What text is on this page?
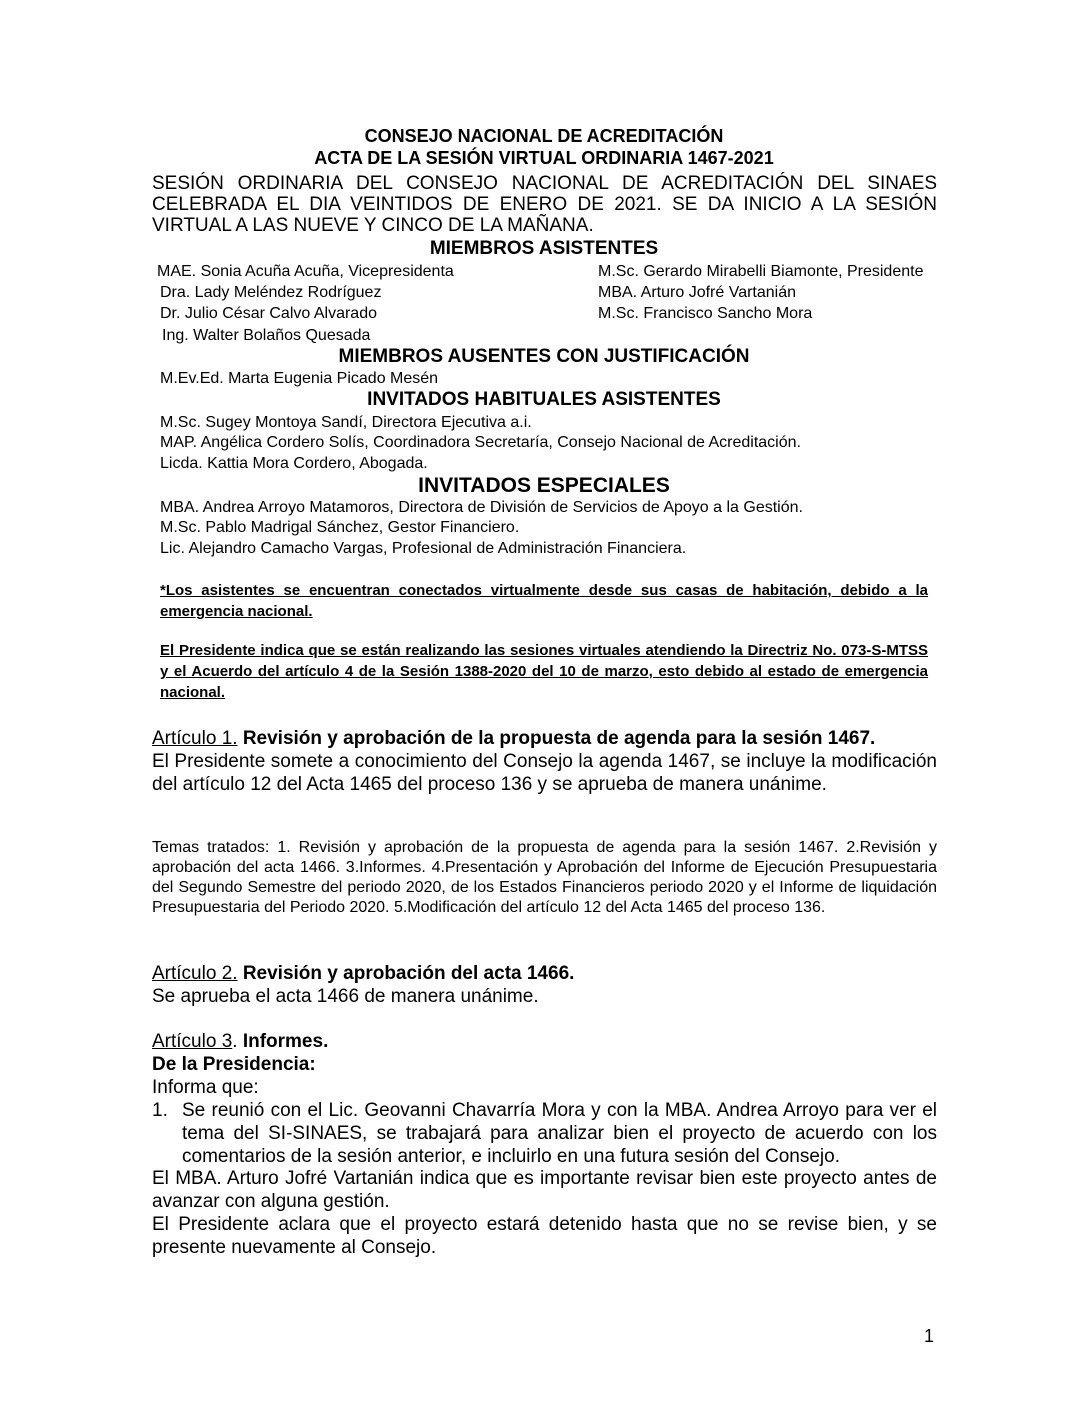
CONSEJO NACIONAL DE ACREDITACIÓN
ACTA DE LA SESIÓN VIRTUAL ORDINARIA 1467-2021
SESIÓN ORDINARIA DEL CONSEJO NACIONAL DE ACREDITACIÓN DEL SINAES CELEBRADA EL DIA VEINTIDOS DE ENERO DE 2021. SE DA INICIO A LA SESIÓN VIRTUAL A LAS NUEVE Y CINCO DE LA MAÑANA.
MIEMBROS ASISTENTES
MAE. Sonia Acuña Acuña, Vicepresidenta
Dra. Lady Meléndez Rodríguez
Dr. Julio César Calvo Alvarado
Ing. Walter Bolaños Quesada
M.Sc. Gerardo Mirabelli Biamonte, Presidente
MBA. Arturo Jofré Vartanián
M.Sc. Francisco Sancho Mora
MIEMBROS AUSENTES CON JUSTIFICACIÓN
M.Ev.Ed. Marta Eugenia Picado Mesén
INVITADOS HABITUALES ASISTENTES
M.Sc. Sugey Montoya Sandí, Directora Ejecutiva a.i.
MAP. Angélica Cordero Solís, Coordinadora Secretaría, Consejo Nacional de Acreditación.
Licda. Kattia Mora Cordero, Abogada.
INVITADOS ESPECIALES
MBA. Andrea Arroyo Matamoros, Directora de División de Servicios de Apoyo a la Gestión.
M.Sc. Pablo Madrigal Sánchez, Gestor Financiero.
Lic. Alejandro Camacho Vargas, Profesional de Administración Financiera.
*Los asistentes se encuentran conectados virtualmente desde sus casas de habitación, debido a la emergencia nacional.
El Presidente indica que se están realizando las sesiones virtuales atendiendo la Directriz No. 073-S-MTSS y el Acuerdo del artículo 4 de la Sesión 1388-2020 del 10 de marzo, esto debido al estado de emergencia nacional.
Artículo 1. Revisión y aprobación de la propuesta de agenda para la sesión 1467.
El Presidente somete a conocimiento del Consejo la agenda 1467, se incluye la modificación del artículo 12 del Acta 1465 del proceso 136 y se aprueba de manera unánime.
Temas tratados: 1. Revisión y aprobación de la propuesta de agenda para la sesión 1467. 2.Revisión y aprobación del acta 1466. 3.Informes. 4.Presentación y Aprobación del Informe de Ejecución Presupuestaria del Segundo Semestre del periodo 2020, de los Estados Financieros periodo 2020 y el Informe de liquidación Presupuestaria del Periodo 2020. 5.Modificación del artículo 12 del Acta 1465 del proceso 136.
Artículo 2. Revisión y aprobación del acta 1466.
Se aprueba el acta 1466 de manera unánime.
Artículo 3. Informes.
De la Presidencia:
Informa que:
1. Se reunió con el Lic. Geovanni Chavarría Mora y con la MBA. Andrea Arroyo para ver el tema del SI-SINAES, se trabajará para analizar bien el proyecto de acuerdo con los comentarios de la sesión anterior, e incluirlo en una futura sesión del Consejo.
El MBA. Arturo Jofré Vartanián indica que es importante revisar bien este proyecto antes de avanzar con alguna gestión.
El Presidente aclara que el proyecto estará detenido hasta que no se revise bien, y se presente nuevamente al Consejo.
1
